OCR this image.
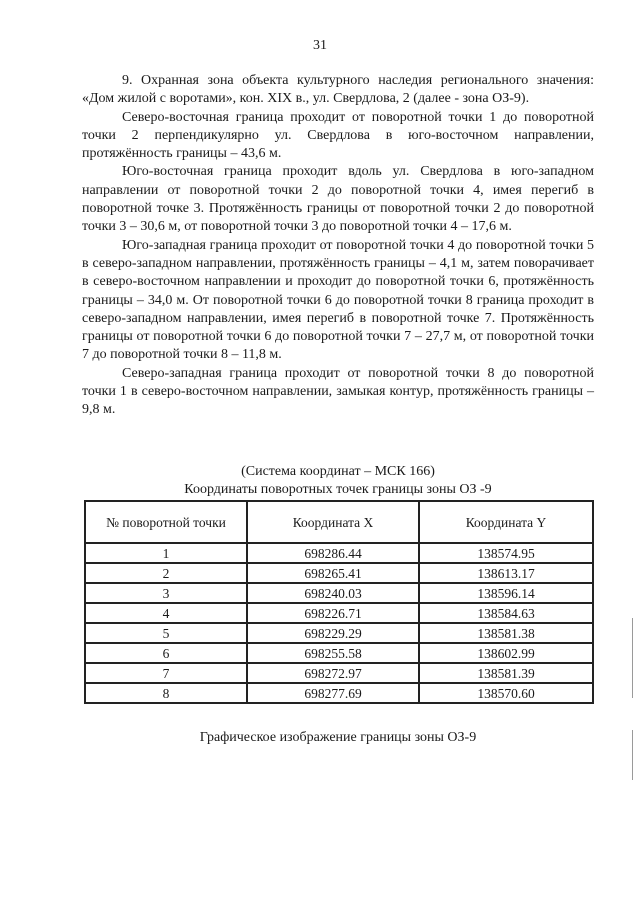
31

9. Охранная зона объекта культурного наследия регионального значения: «Дом жилой с воротами», кон. XIX в., ул. Свердлова, 2 (далее - зона ОЗ-9).

Северо-восточная граница проходит от поворотной точки 1 до поворотной точки 2 перпендикулярно ул. Свердлова в юго-восточном направлении, протяжённость границы – 43,6 м.

Юго-восточная граница проходит вдоль ул. Свердлова в юго-западном направлении от поворотной точки 2 до поворотной точки 4, имея перегиб в поворотной точке 3. Протяжённость границы от поворотной точки 2 до поворотной точки 3 – 30,6 м, от поворотной точки 3 до поворотной точки 4 – 17,6 м.

Юго-западная граница проходит от поворотной точки 4 до поворотной точки 5 в северо-западном направлении, протяжённость границы – 4,1 м, затем поворачивает в северо-восточном направлении и проходит до поворотной точки 6, протяжённость границы – 34,0 м. От поворотной точки 6 до поворотной точки 8 граница проходит в северо-западном направлении, имея перегиб в поворотной точке 7. Протяжённость границы от поворотной точки 6 до поворотной точки 7 – 27,7 м, от поворотной точки 7 до поворотной точки 8 – 11,8 м.

Северо-западная граница проходит от поворотной точки 8 до поворотной точки 1 в северо-восточном направлении, замыкая контур, протяжённость границы – 9,8 м.

(Система координат – МСК 166)
Координаты поворотных точек границы зоны ОЗ -9
№ поворотной точки	Координата X	Координата Y
1	698286.44	138574.95
2	698265.41	138613.17
3	698240.03	138596.14
4	698226.71	138584.63
5	698229.29	138581.38
6	698255.58	138602.99
7	698272.97	138581.39
8	698277.69	138570.60
Графическое изображение границы зоны ОЗ-9
